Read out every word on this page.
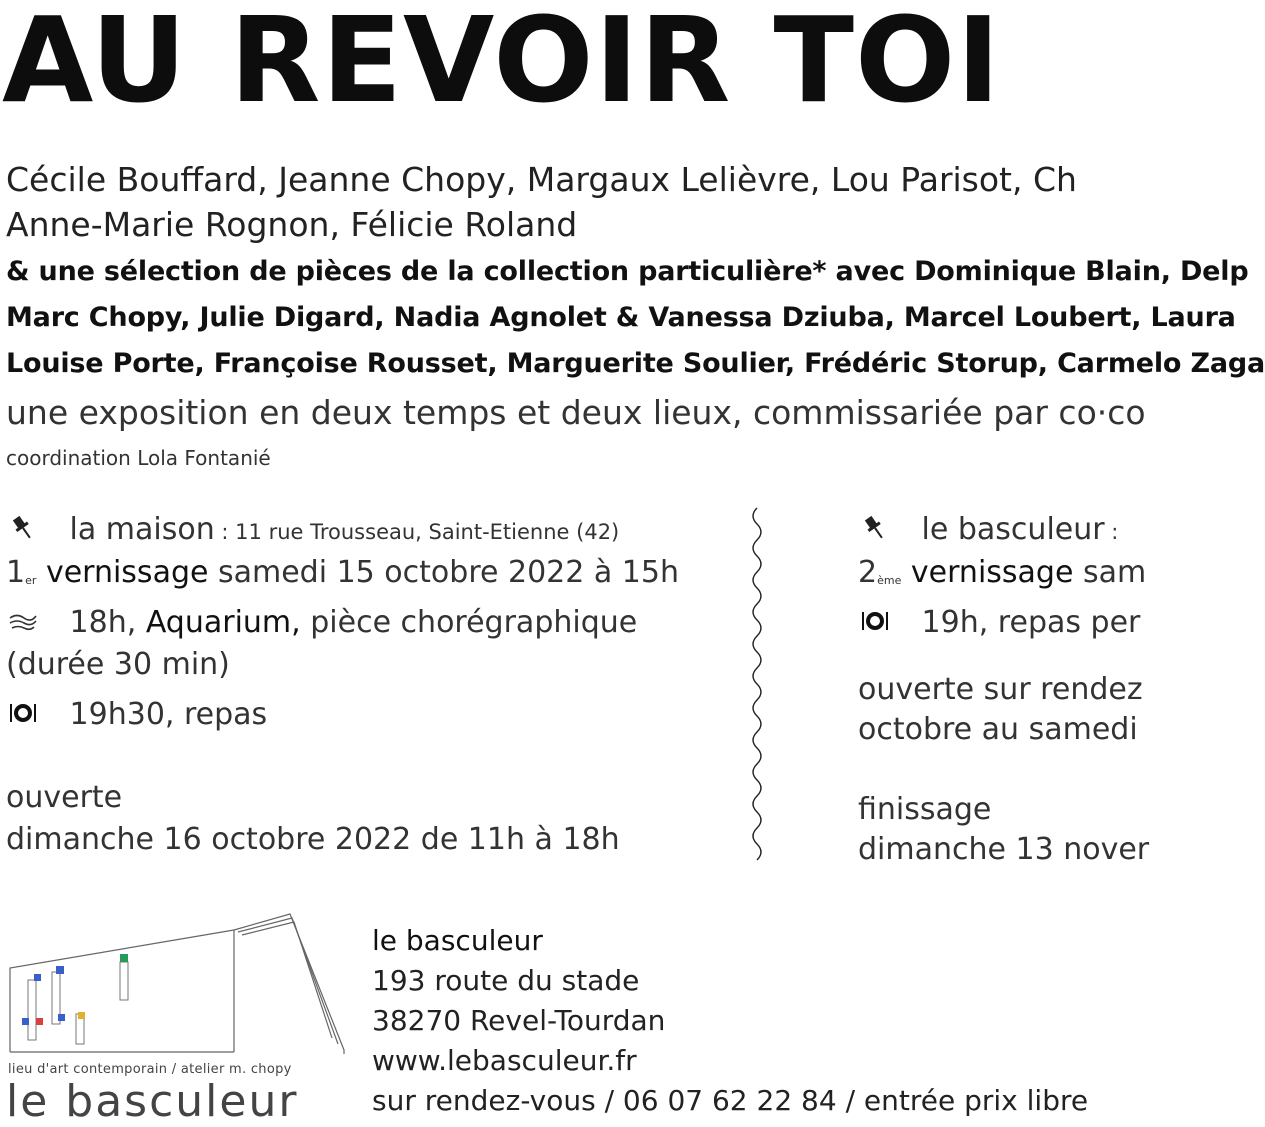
AU REVOIR TOI
Cécile Bouffard, Jeanne Chopy, Margaux Lelièvre, Lou Parisot, Ch
Anne-Marie Rognon, Félicie Roland
& une sélection de pièces de la collection particulière* avec Dominique Blain, Delp
Marc Chopy, Julie Digard, Nadia Agnolet & Vanessa Dziuba, Marcel Loubert, Laura
Louise Porte, Françoise Rousset, Marguerite Soulier, Frédéric Storup, Carmelo Zaga
une exposition en deux temps et deux lieux, commissariée par co·co
coordination Lola Fontanié
la maison : 11 rue Trousseau, Saint-Etienne (42)
1er vernissage samedi 15 octobre 2022 à 15h
18h, Aquarium, pièce chorégraphique
(durée 30 min)
19h30, repas
ouverte
dimanche 16 octobre 2022 de 11h à 18h
le basculeur :
2ème vernissage sam
19h, repas per
ouverte sur rendez
octobre au samedi
finissage
dimanche 13 nover
lieu d'art contemporain / atelier m. chopy
le basculeur
le basculeur
193 route du stade
38270 Revel-Tourdan
www.lebasculeur.fr
sur rendez-vous / 06 07 62 22 84 / entrée prix libre
